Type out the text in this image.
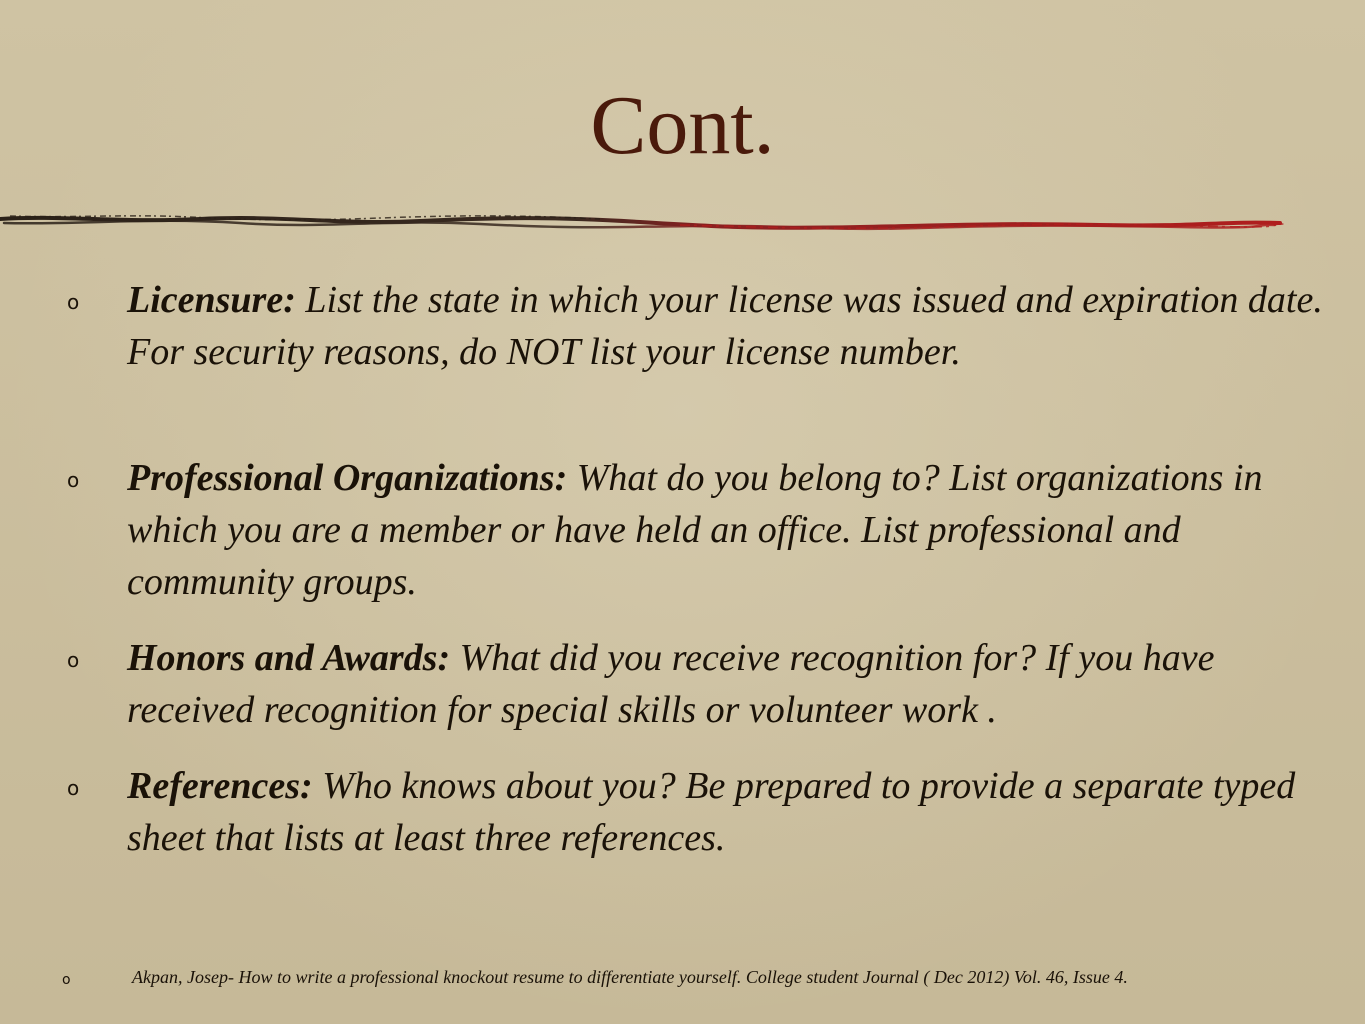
Cont.
o Licensure: List the state in which your license was issued and expiration date. For security reasons, do NOT list your license number.
o Professional Organizations: What do you belong to? List organizations in which you are a member or have held an office. List professional and community groups.
o Honors and Awards: What did you receive recognition for? If you have received recognition for special skills or volunteer work .
o References: Who knows about you? Be prepared to provide a separate typed sheet that lists at least three references.
o	Akpan, Josep- How to write a professional knockout resume to differentiate yourself. College student Journal ( Dec 2012) Vol. 46, Issue 4.
